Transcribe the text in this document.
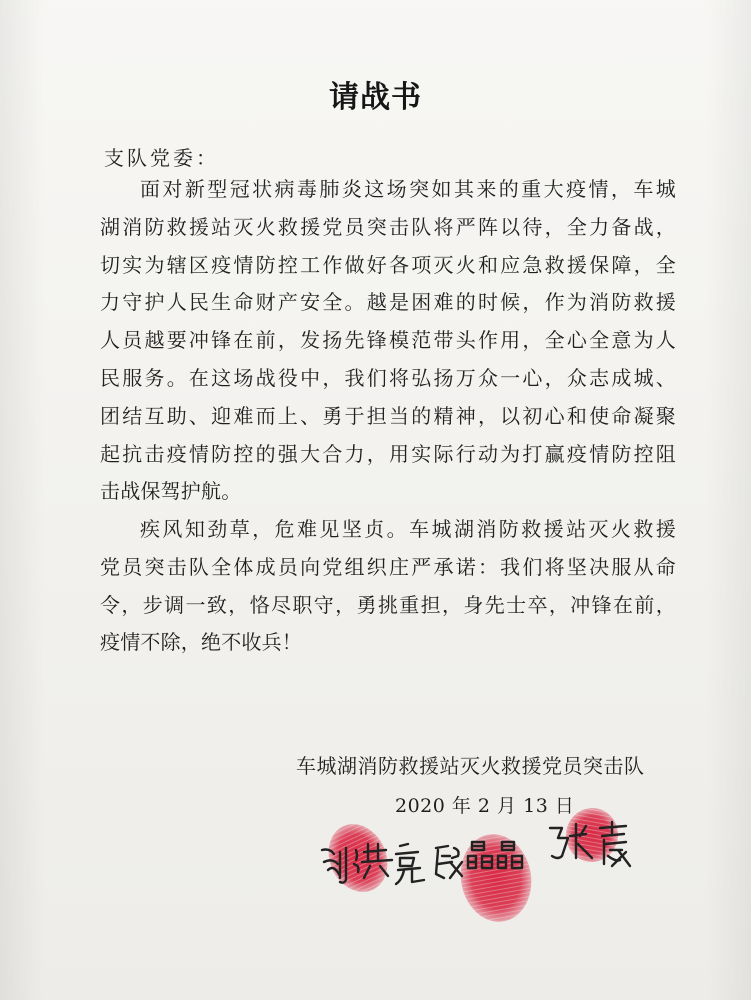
请战书
支队党委：
面对新型冠状病毒肺炎这场突如其来的重大疫情，车城
湖消防救援站灭火救援党员突击队将严阵以待，全力备战，
切实为辖区疫情防控工作做好各项灭火和应急救援保障，全
力守护人民生命财产安全。越是困难的时候，作为消防救援
人员越要冲锋在前，发扬先锋模范带头作用，全心全意为人
民服务。在这场战役中，我们将弘扬万众一心，众志成城、
团结互助、迎难而上、勇于担当的精神，以初心和使命凝聚
起抗击疫情防控的强大合力，用实际行动为打赢疫情防控阻
击战保驾护航。
疾风知劲草，危难见坚贞。车城湖消防救援站灭火救援
党员突击队全体成员向党组织庄严承诺：我们将坚决服从命
令，步调一致，恪尽职守，勇挑重担，身先士卒，冲锋在前，
疫情不除，绝不收兵！
车城湖消防救援站灭火救援党员突击队
2020 年 2 月 13 日
